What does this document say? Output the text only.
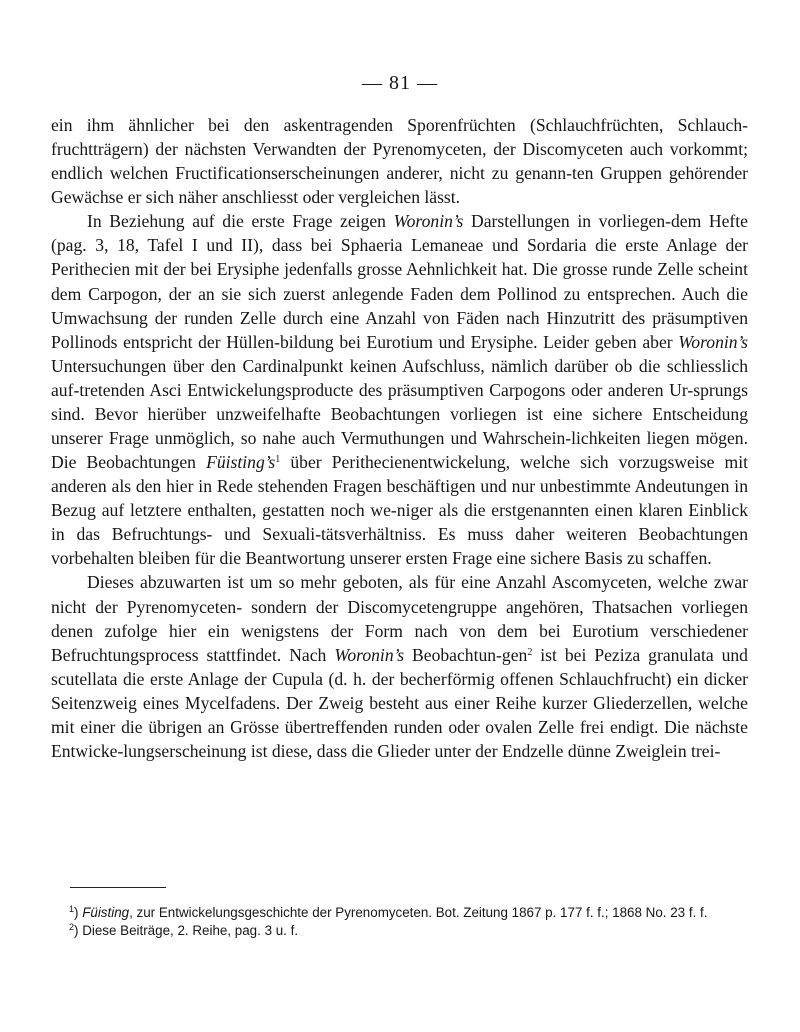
— 81 —

ein ihm ähnlicher bei den askentragenden Sporenfrüchten (Schlauchfrüchten, Schlauch-fruchtträgern) der nächsten Verwandten der Pyrenomyceten, der Discomyceten auch vorkommt; endlich welchen Fructificationserscheinungen anderer, nicht zu genann-ten Gruppen gehörender Gewächse er sich näher anschliesst oder vergleichen lässt.

In Beziehung auf die erste Frage zeigen Woronin’s Darstellungen in vorliegen-dem Hefte (pag. 3, 18, Tafel I und II), dass bei Sphaeria Lemaneae und Sordaria die erste Anlage der Perithecien mit der bei Erysiphe jedenfalls grosse Aehnlichkeit hat. Die grosse runde Zelle scheint dem Carpogon, der an sie sich zuerst anlegende Faden dem Pollinod zu entsprechen. Auch die Umwachsung der runden Zelle durch eine Anzahl von Fäden nach Hinzutritt des präsumptiven Pollinods entspricht der Hüllen-bildung bei Eurotium und Erysiphe. Leider geben aber Woronin’s Untersuchungen über den Cardinalpunkt keinen Aufschluss, nämlich darüber ob die schliesslich auf-tretenden Asci Entwickelungsproducte des präsumptiven Carpogons oder anderen Ur-sprungs sind. Bevor hierüber unzweifelhafte Beobachtungen vorliegen ist eine sichere Entscheidung unserer Frage unmöglich, so nahe auch Vermuthungen und Wahrschein-lichkeiten liegen mögen. Die Beobachtungen $Füisting’s^1$ über Perithecienentwickelung, welche sich vorzugsweise mit anderen als den hier in Rede stehenden Fragen beschäftigen und nur unbestimmte Andeutungen in Bezug auf letztere enthalten, gestatten noch we-niger als die erstgenannten einen klaren Einblick in das Befruchtungs- und Sexuali-tätsverhältniss. Es muss daher weiteren Beobachtungen vorbehalten bleiben für die Beantwortung unserer ersten Frage eine sichere Basis zu schaffen.

Dieses abzuwarten ist um so mehr geboten, als für eine Anzahl Ascomyceten, welche zwar nicht der Pyrenomyceten- sondern der Discomycetengruppe angehören, Thatsachen vorliegen denen zufolge hier ein wenigstens der Form nach von dem bei Eurotium verschiedener Befruchtungsprocess stattfindet. Nach Woronin’s Beobachtun-gen$^2$ ist bei Peziza granulata und scutellata die erste Anlage der Cupula (d. h. der becherförmig offenen Schlauchfrucht) ein dicker Seitenzweig eines Mycelfadens. Der Zweig besteht aus einer Reihe kurzer Gliederzellen, welche mit einer die übrigen an Grösse übertreffenden runden oder ovalen Zelle frei endigt. Die nächste Entwicke-lungserscheinung ist diese, dass die Glieder unter der Endzelle dünne Zweiglein trei-

$^1$) Füisting, zur Entwickelungsgeschichte der Pyrenomyceten. Bot. Zeitung 1867 p. 177 f. f.; 1868 No. 23 f. f.

$^2$) Diese Beiträge, 2. Reihe, pag. 3 u. f.
